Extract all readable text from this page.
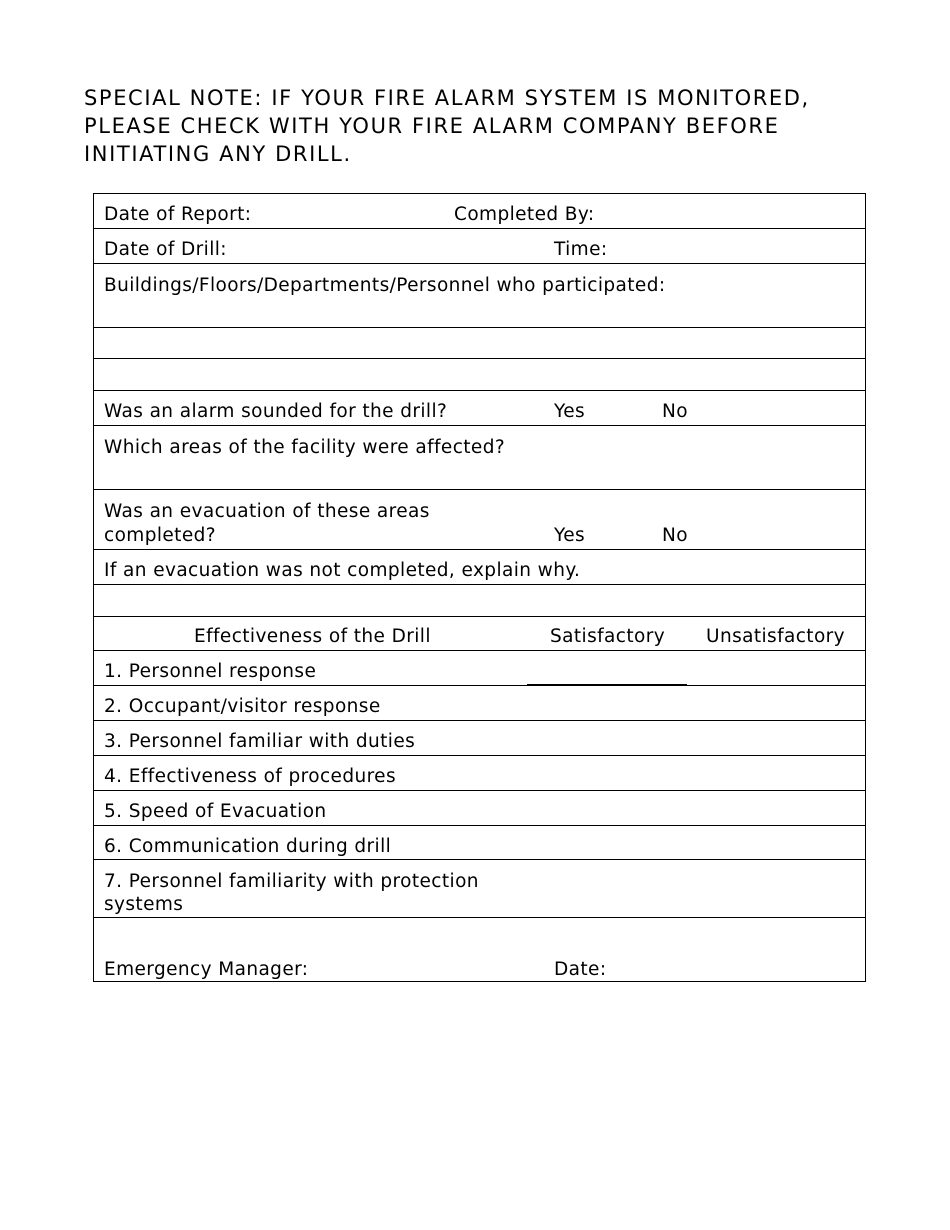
SPECIAL NOTE: IF YOUR FIRE ALARM SYSTEM IS MONITORED,
PLEASE CHECK WITH YOUR FIRE ALARM COMPANY BEFORE
INITIATING ANY DRILL.
Date of Report:	Completed By:
Date of Drill:	Time:
Buildings/Floors/Departments/Personnel who participated:
Was an alarm sounded for the drill?	Yes	No
Which areas of the facility were affected?
Was an evacuation of these areas
completed?	Yes	No
If an evacuation was not completed, explain why.
Effectiveness of the Drill	Satisfactory Unsatisfactory
1. Personnel response
2. Occupant/visitor response
3. Personnel familiar with duties
4. Effectiveness of procedures
5. Speed of Evacuation
6. Communication during drill
7. Personnel familiarity with protection
systems
Emergency Manager:	Date:
